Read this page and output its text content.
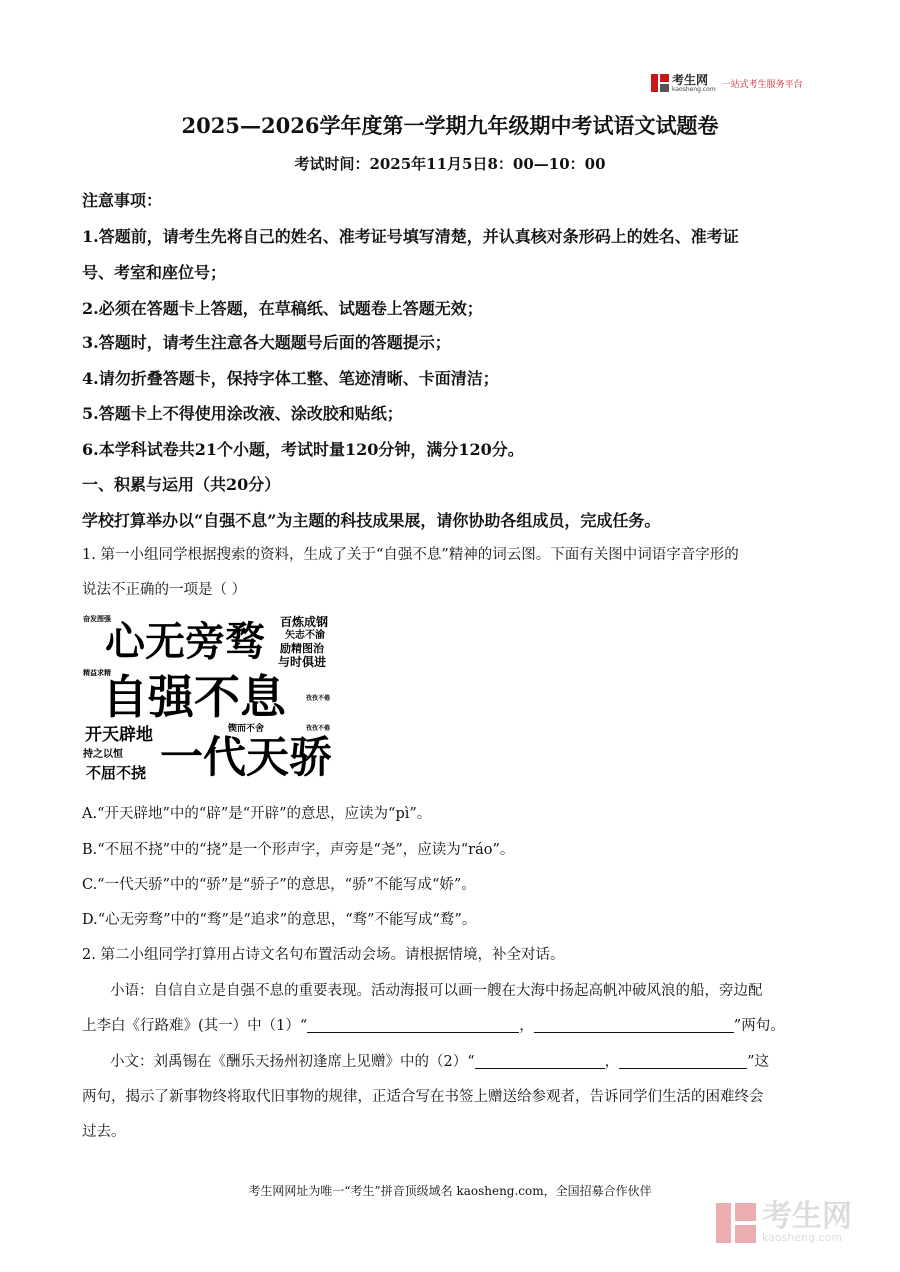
考生网
kaosheng.com 一站式考生服务平台
2025—2026学年度第一学期九年级期中考试语文试题卷
考试时间：2025年11月5日8：00—10：00
注意事项：
1.答题前，请考生先将自己的姓名、准考证号填写清楚，并认真核对条形码上的姓名、准考证
号、考室和座位号；
2.必须在答题卡上答题，在草稿纸、试题卷上答题无效；
3.答题时，请考生注意各大题题号后面的答题提示；
4.请勿折叠答题卡，保持字体工整、笔迹清晰、卡面清洁；
5.答题卡上不得使用涂改液、涂改胶和贴纸；
6.本学科试卷共21个小题，考试时量120分钟，满分120分。
一、积累与运用（共20分）
学校打算举办以“自强不息”为主题的科技成果展，请你协助各组成员，完成任务。
1. 第一小组同学根据搜索的资料，生成了关于“自强不息”精神的词云图。下面有关图中词语字音字形的
说法不正确的一项是（ ）
奋发图强
心无旁骛 百炼成钢
矢志不渝
励精图治
与时俱进
精益求精
自强不息	孜孜不倦
锲而不舍	孜孜不倦
开天辟地
持之以恒 一代天骄
不屈不挠
A.“开天辟地”中的“辟”是“开辟”的意思，应读为“pì”。
B.“不屈不挠”中的“挠”是一个形声字，声旁是“尧”，应读为“ráo”。
C.“一代天骄”中的“骄”是“骄子”的意思，“骄”不能写成“娇”。
D.“心无旁骛”中的“骛”是“追求”的意思，“骛”不能写成“鹜”。
2. 第二小组同学打算用占诗文名句布置活动会场。请根据情境，补全对话。
小语：自信自立是自强不息的重要表现。活动海报可以画一艘在大海中扬起高帆冲破风浪的船，旁边配
上李白《行路难》(其一）中（1）“	，	”两句。
小文：刘禹锡在《酬乐天扬州初逢席上见赠》中的（2）“	，	”这
两句，揭示了新事物终将取代旧事物的规律，正适合写在书签上赠送给参观者，告诉同学们生活的困难终会
过去。
考生网网址为唯一“考生”拼音顶级域名 kaosheng.com，全国招募合作伙伴
考生网
kaosheng.com
